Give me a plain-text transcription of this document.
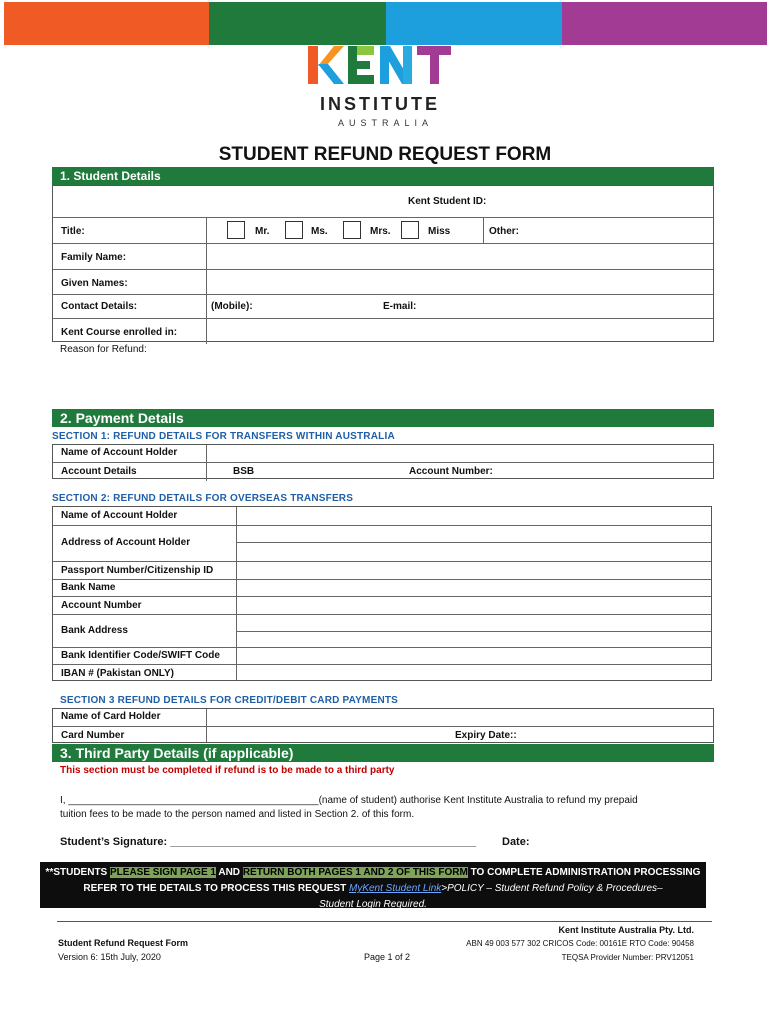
INSTITUTE
AUSTRALIA
STUDENT REFUND REQUEST FORM
1. Student Details
Kent Student ID:
Title:	Mr.	Ms.	Mrs.	Miss	Other:
Family Name:
Given Names:
Contact Details:	(Mobile):	E-mail:
Kent Course enrolled in:
Reason for Refund:
2. Payment Details
SECTION 1: REFUND DETAILS FOR TRANSFERS WITHIN AUSTRALIA
Name of Account Holder
Account Details	BSB	Account Number:
SECTION 2: REFUND DETAILS FOR OVERSEAS TRANSFERS
Name of Account Holder
Address of Account Holder
Passport Number/Citizenship ID
Bank Name
Account Number
Bank Address
Bank Identifier Code/SWIFT Code
IBAN # (Pakistan ONLY)
SECTION 3 REFUND DETAILS FOR CREDIT/DEBIT CARD PAYMENTS
Name of Card Holder
Card Number	Expiry Date::
3. Third Party Details (if applicable)
This section must be completed if refund is to be made to a third party
I, _____________________________________________(name of student) authorise Kent Institute Australia to refund my prepaid
tuition fees to be made to the person named and listed in Section 2. of this form.
Student’s Signature: __________________________________________________ Date:
**STUDENTS PLEASE SIGN PAGE 1 AND RETURN BOTH PAGES 1 AND 2 OF THIS FORM TO COMPLETE ADMINISTRATION PROCESSING
REFER TO THE DETAILS TO PROCESS THIS REQUEST MyKent Student Link>POLICY – Student Refund Policy & Procedures–
Student Login Required.
Student Refund Request Form
Version 6: 15th July, 2020	Page 1 of 2
Kent Institute Australia Pty. Ltd.
ABN 49 003 577 302 CRICOS Code: 00161E RTO Code: 90458
TEQSA Provider Number: PRV12051
